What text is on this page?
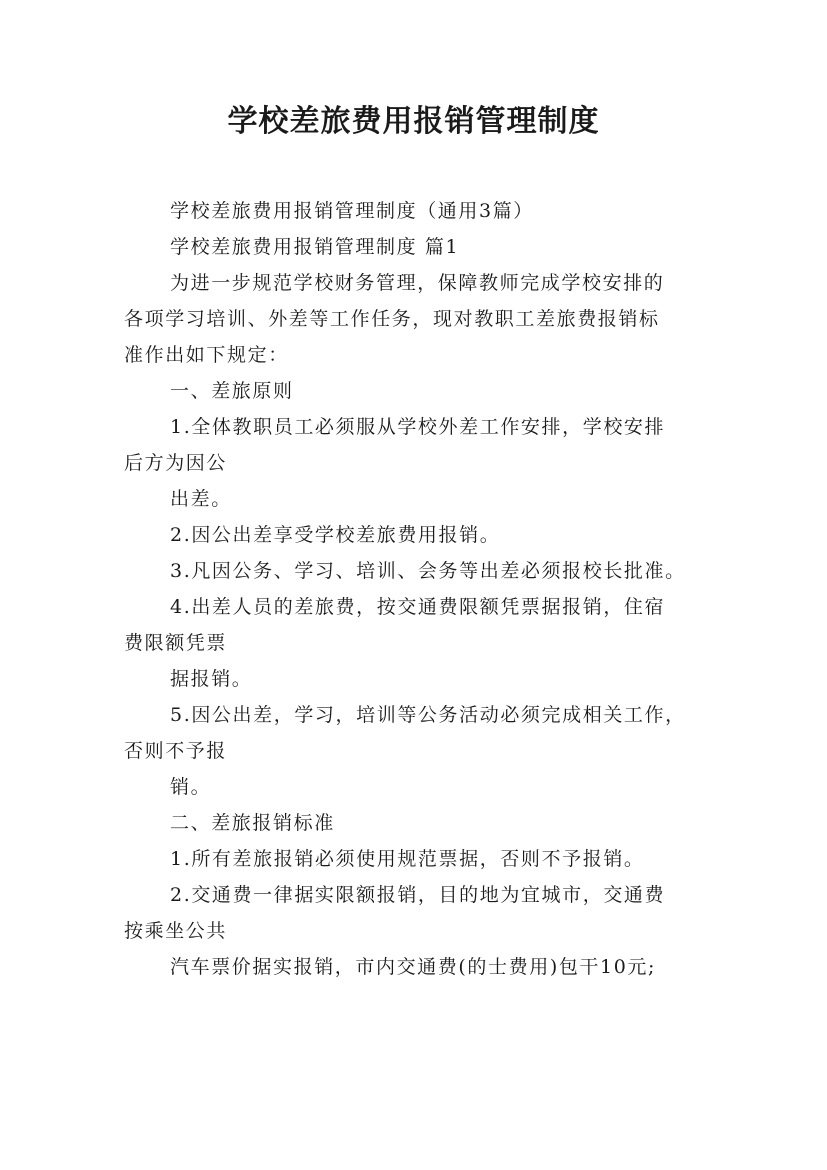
学校差旅费用报销管理制度
学校差旅费用报销管理制度（通用3篇）
学校差旅费用报销管理制度 篇1
为进一步规范学校财务管理，保障教师完成学校安排的
各项学习培训、外差等工作任务，现对教职工差旅费报销标
准作出如下规定：
一、差旅原则
1.全体教职员工必须服从学校外差工作安排，学校安排
后方为因公
出差。
2.因公出差享受学校差旅费用报销。
3.凡因公务、学习、培训、会务等出差必须报校长批准。
4.出差人员的差旅费，按交通费限额凭票据报销，住宿
费限额凭票
据报销。
5.因公出差，学习，培训等公务活动必须完成相关工作，
否则不予报
销。
二、差旅报销标准
1.所有差旅报销必须使用规范票据，否则不予报销。
2.交通费一律据实限额报销，目的地为宜城市，交通费
按乘坐公共
汽车票价据实报销，市内交通费(的士费用)包干10元;
